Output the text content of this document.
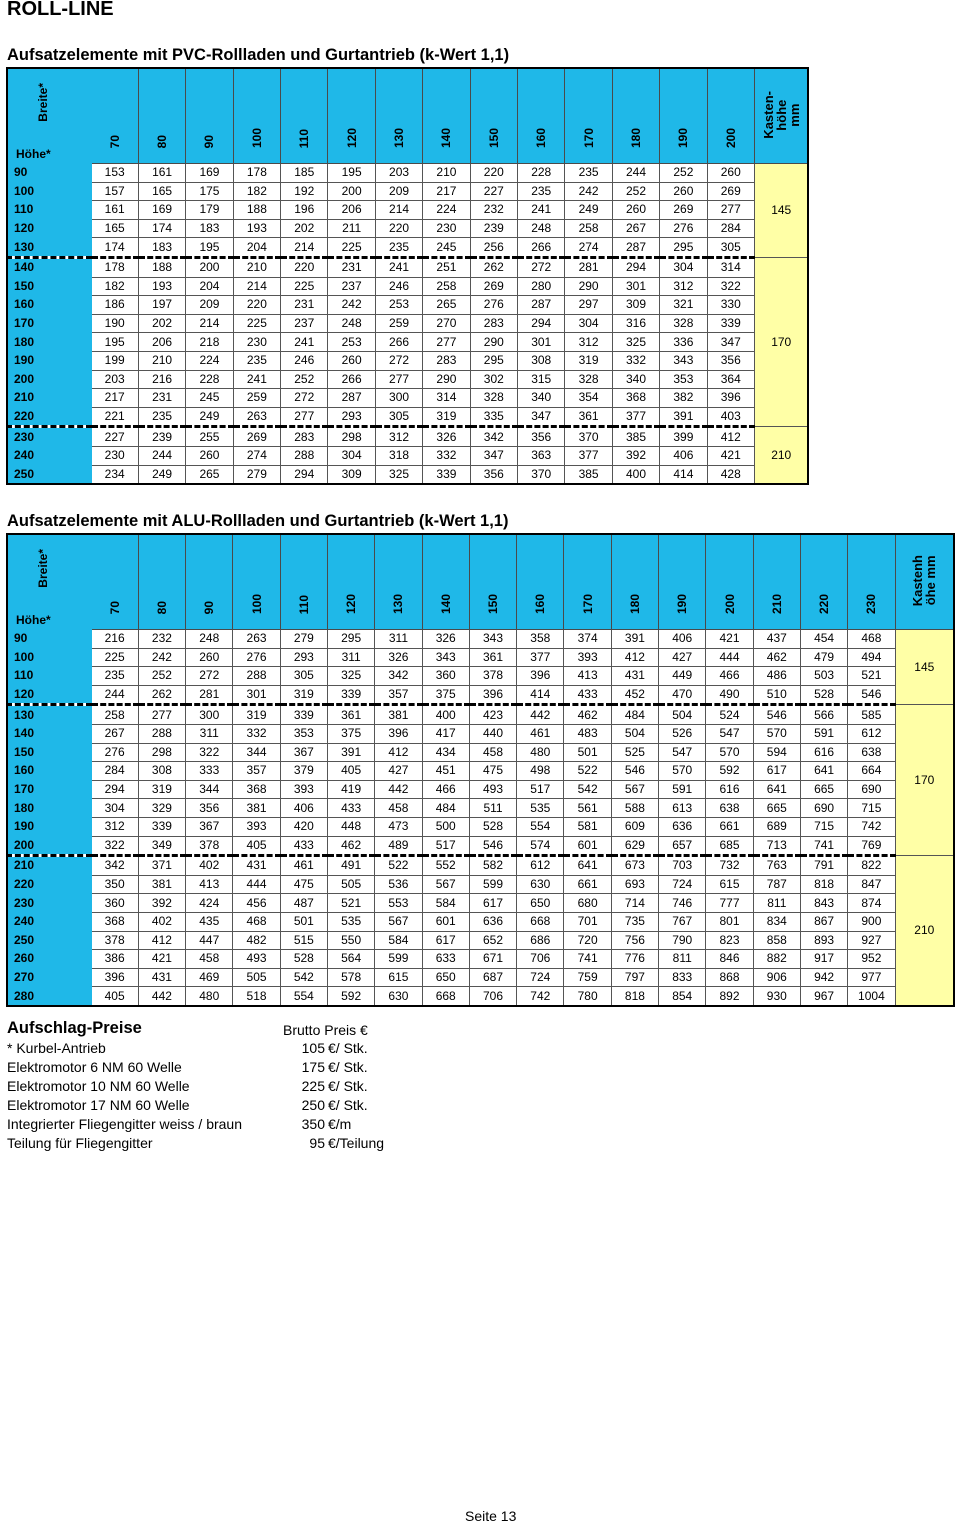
ROLL-LINE
Aufsatzelemente mit PVC-Rollladen und Gurtantrieb (k-Wert 1,1)
Breite*
Höhe*	70	80	90	100	110	120	130	140	150	160	170	180	190	200	Kasten-
höhe
mm
90	153	161	169	178	185	195	203	210	220	228	235	244	252	260	145
100	157	165	175	182	192	200	209	217	227	235	242	252	260	269	
110	161	169	179	188	196	206	214	224	232	241	249	260	269	277	
120	165	174	183	193	202	211	220	230	239	248	258	267	276	284	
130	174	183	195	204	214	225	235	245	256	266	274	287	295	305	
140	178	188	200	210	220	231	241	251	262	272	281	294	304	314	170
150	182	193	204	214	225	237	246	258	269	280	290	301	312	322	
160	186	197	209	220	231	242	253	265	276	287	297	309	321	330	
170	190	202	214	225	237	248	259	270	283	294	304	316	328	339	
180	195	206	218	230	241	253	266	277	290	301	312	325	336	347	
190	199	210	224	235	246	260	272	283	295	308	319	332	343	356	
200	203	216	228	241	252	266	277	290	302	315	328	340	353	364	
210	217	231	245	259	272	287	300	314	328	340	354	368	382	396	
220	221	235	249	263	277	293	305	319	335	347	361	377	391	403	
230	227	239	255	269	283	298	312	326	342	356	370	385	399	412	210
240	230	244	260	274	288	304	318	332	347	363	377	392	406	421	
250	234	249	265	279	294	309	325	339	356	370	385	400	414	428	
Aufsatzelemente mit ALU-Rollladen und Gurtantrieb (k-Wert 1,1)
Breite*
Höhe*	70	80	90	100	110	120	130	140	150	160	170	180	190	200	210	220	230	Kastenh
öhe mm
90	216	232	248	263	279	295	311	326	343	358	374	391	406	421	437	454	468	145
100	225	242	260	276	293	311	326	343	361	377	393	412	427	444	462	479	494	
110	235	252	272	288	305	325	342	360	378	396	413	431	449	466	486	503	521	
120	244	262	281	301	319	339	357	375	396	414	433	452	470	490	510	528	546	
130	258	277	300	319	339	361	381	400	423	442	462	484	504	524	546	566	585	170
140	267	288	311	332	353	375	396	417	440	461	483	504	526	547	570	591	612	
150	276	298	322	344	367	391	412	434	458	480	501	525	547	570	594	616	638	
160	284	308	333	357	379	405	427	451	475	498	522	546	570	592	617	641	664	
170	294	319	344	368	393	419	442	466	493	517	542	567	591	616	641	665	690	
180	304	329	356	381	406	433	458	484	511	535	561	588	613	638	665	690	715	
190	312	339	367	393	420	448	473	500	528	554	581	609	636	661	689	715	742	
200	322	349	378	405	433	462	489	517	546	574	601	629	657	685	713	741	769	
210	342	371	402	431	461	491	522	552	582	612	641	673	703	732	763	791	822	210
220	350	381	413	444	475	505	536	567	599	630	661	693	724	615	787	818	847	
230	360	392	424	456	487	521	553	584	617	650	680	714	746	777	811	843	874	
240	368	402	435	468	501	535	567	601	636	668	701	735	767	801	834	867	900	
250	378	412	447	482	515	550	584	617	652	686	720	756	790	823	858	893	927	
260	386	421	458	493	528	564	599	633	671	706	741	776	811	846	882	917	952	
270	396	431	469	505	542	578	615	650	687	724	759	797	833	868	906	942	977	
280	405	442	480	518	554	592	630	668	706	742	780	818	854	892	930	967	1004	
Aufschlag-Preise	Brutto Preis €
* Kurbel-Antrieb	105 €/ Stk.
Elektromotor 6 NM 60 Welle	175 €/ Stk.
Elektromotor 10 NM 60 Welle	225 €/ Stk.
Elektromotor 17 NM 60 Welle	250 €/ Stk.
Integrierter Fliegengitter weiss / braun	350 €/m
Teilung für Fliegengitter	95 €/Teilung
Seite 13
